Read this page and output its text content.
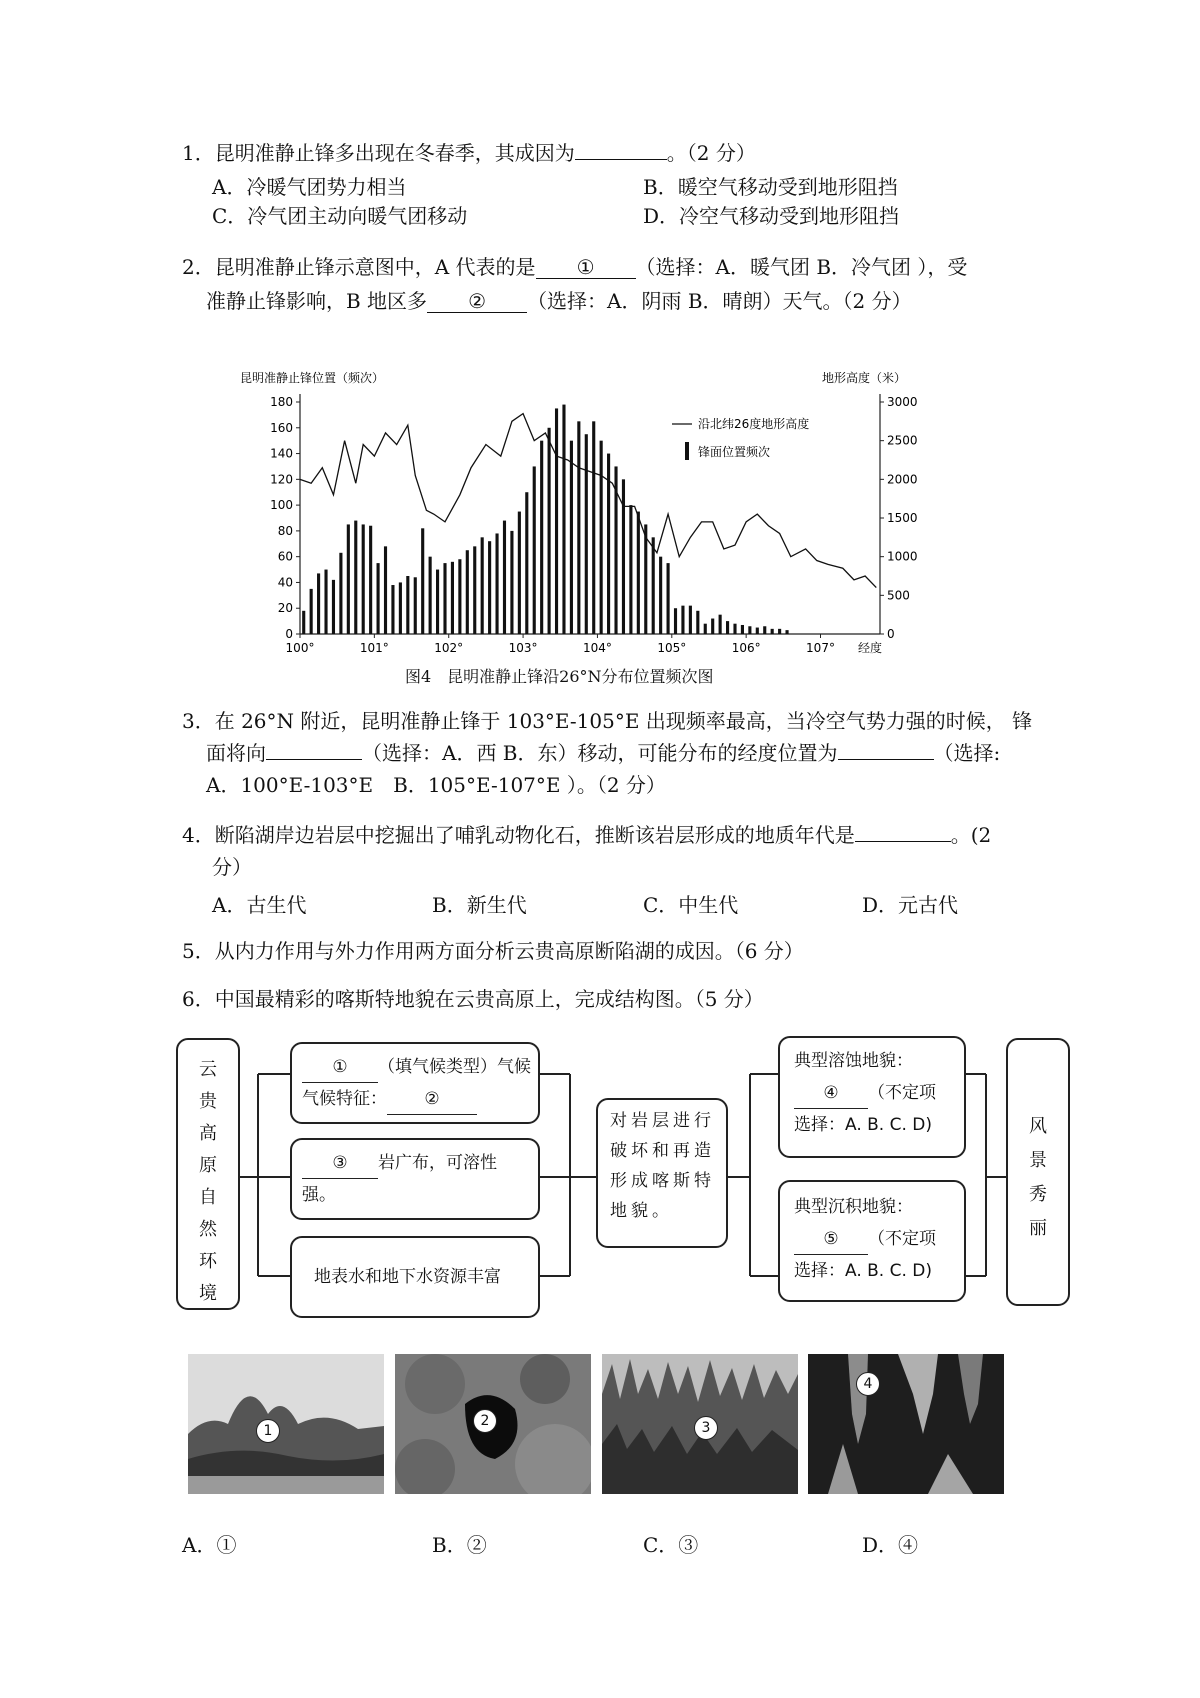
1．昆明准静止锋多出现在冬春季，其成因为	。（2 分）
A．冷暖气团势力相当	B．暖空气移动受到地形阻挡
C．冷气团主动向暖气团移动	D．冷空气移动受到地形阻挡
2．昆明准静止锋示意图中，A 代表的是 ① （选择：A．暖气团 B．冷气团 ），受
准静止锋影响，B 地区多 ② （选择：A．阴雨 B．晴朗）天气。（2 分）
昆明准静止锋位置（频次）	地形高度（米）
0
20
40
60
80
100
120
140
160
180
0
500
1000
1500
2000
2500
3000
100°	101°	102°	103°	104°	105°	106°	107° 经度
沿北纬26度地形高度
锋面位置频次
图4　昆明准静止锋沿26°N分布位置频次图
3．在 26°N 附近，昆明准静止锋于 103°E-105°E 出现频率最高，当冷空气势力强的时候， 锋
面将向	（选择：A．西 B．东）移动，可能分布的经度位置为	（选择:
A．100°E-103°E　B．105°E-107°E ）。（2 分）
4．断陷湖岸边岩层中挖掘出了哺乳动物化石，推断该岩层形成的地质年代是	。(2
分）
A．古生代	B．新生代	C．中生代	D．元古代
5．从内力作用与外力作用两方面分析云贵高原断陷湖的成因。（6 分）
6．中国最精彩的喀斯特地貌在云贵高原上，完成结构图。（5 分）
云贵高原自然环境
① （填气候类型）气候
气候特征： ②
③ 岩广布，可溶性
强。
地表水和地下水资源丰富
对岩层进行破坏和再造形成喀斯特地貌。
典型溶蚀地貌：
④ （不定项
选择：A. B. C. D)
典型沉积地貌：
⑤ （不定项
选择：A. B. C. D)
风景秀丽
1
2	3
4
A．①	B．②	C．③	D．④
